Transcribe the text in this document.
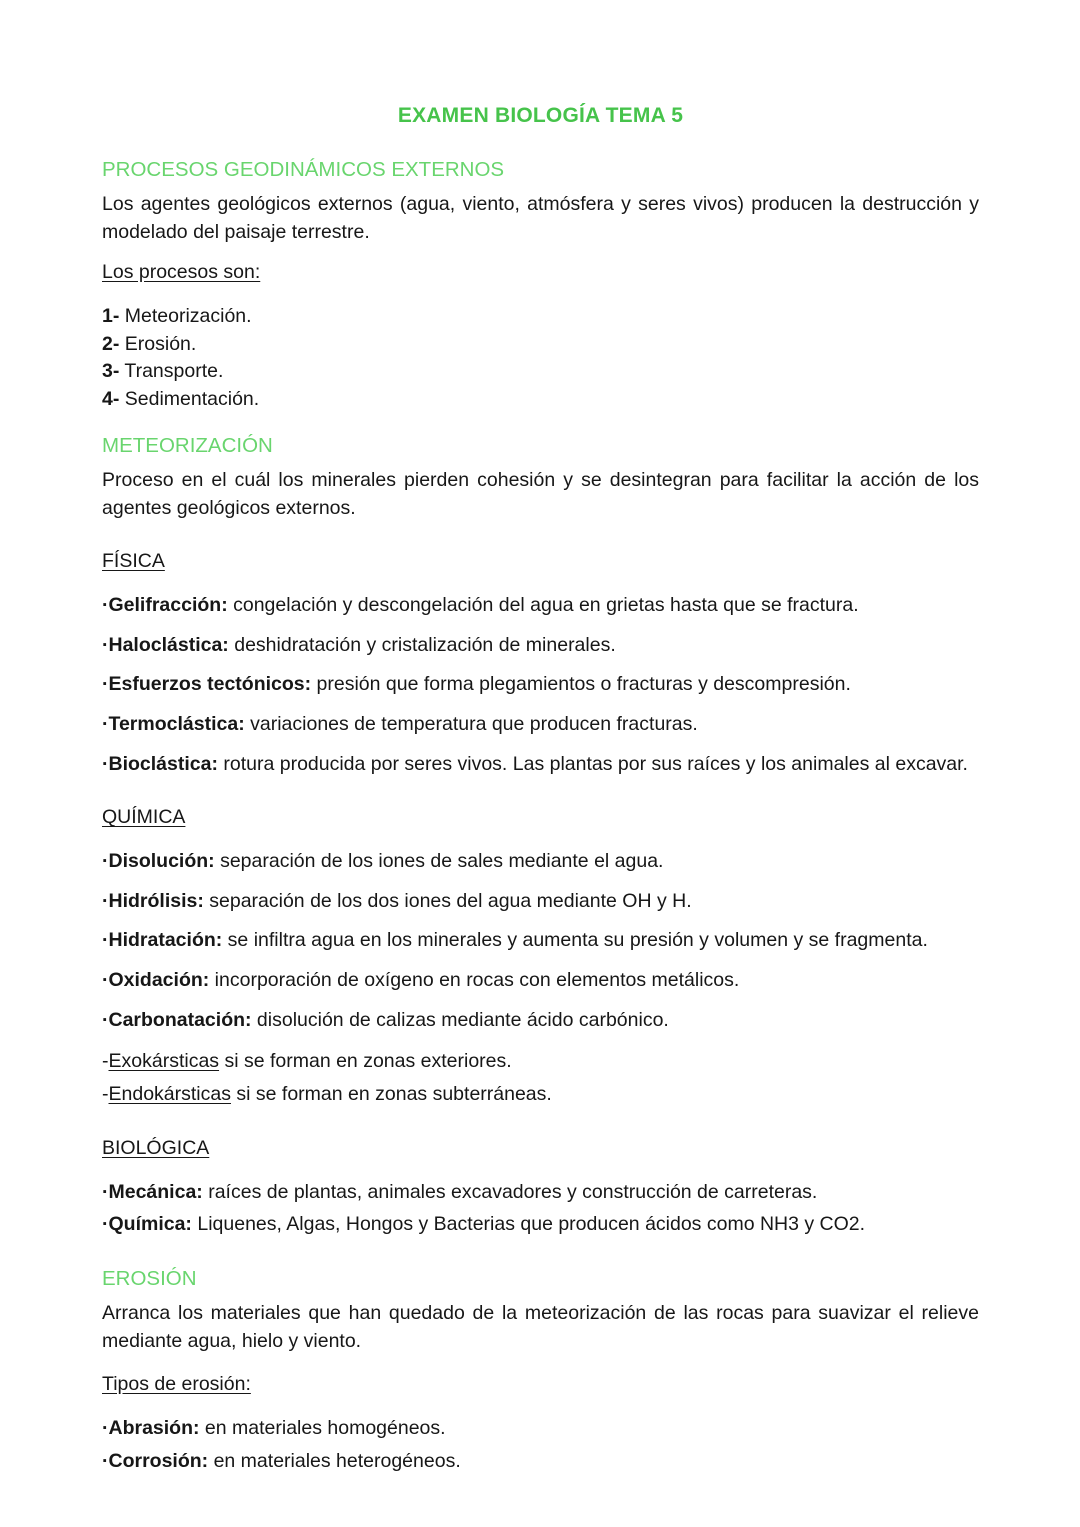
EXAMEN BIOLOGÍA TEMA 5
PROCESOS GEODINÁMICOS EXTERNOS

Los agentes geológicos externos (agua, viento, atmósfera y seres vivos) producen la destrucción y modelado del paisaje terrestre.

Los procesos son:

1- Meteorización.

2- Erosión.

3- Transporte.

4- Sedimentación.

METEORIZACIÓN

Proceso en el cuál los minerales pierden cohesión y se desintegran para facilitar la acción de los agentes geológicos externos.

FÍSICA

·Gelifracción: congelación y descongelación del agua en grietas hasta que se fractura.

·Haloclástica: deshidratación y cristalización de minerales.

·Esfuerzos tectónicos: presión que forma plegamientos o fracturas y descompresión.

·Termoclástica: variaciones de temperatura que producen fracturas.

·Bioclástica: rotura producida por seres vivos. Las plantas por sus raíces y los animales al excavar.

QUÍMICA

·Disolución: separación de los iones de sales mediante el agua.

·Hidrólisis: separación de los dos iones del agua mediante OH y H.

·Hidratación: se infiltra agua en los minerales y aumenta su presión y volumen y se fragmenta.

·Oxidación: incorporación de oxígeno en rocas con elementos metálicos.

·Carbonatación: disolución de calizas mediante ácido carbónico.

-Exokársticas si se forman en zonas exteriores.

-Endokársticas si se forman en zonas subterráneas.

BIOLÓGICA

·Mecánica: raíces de plantas, animales excavadores y construcción de carreteras.

·Química: Liquenes, Algas, Hongos y Bacterias que producen ácidos como NH3 y CO2.

EROSIÓN

Arranca los materiales que han quedado de la meteorización de las rocas para suavizar el relieve mediante agua, hielo y viento.

Tipos de erosión:

·Abrasión: en materiales homogéneos.

·Corrosión: en materiales heterogéneos.
